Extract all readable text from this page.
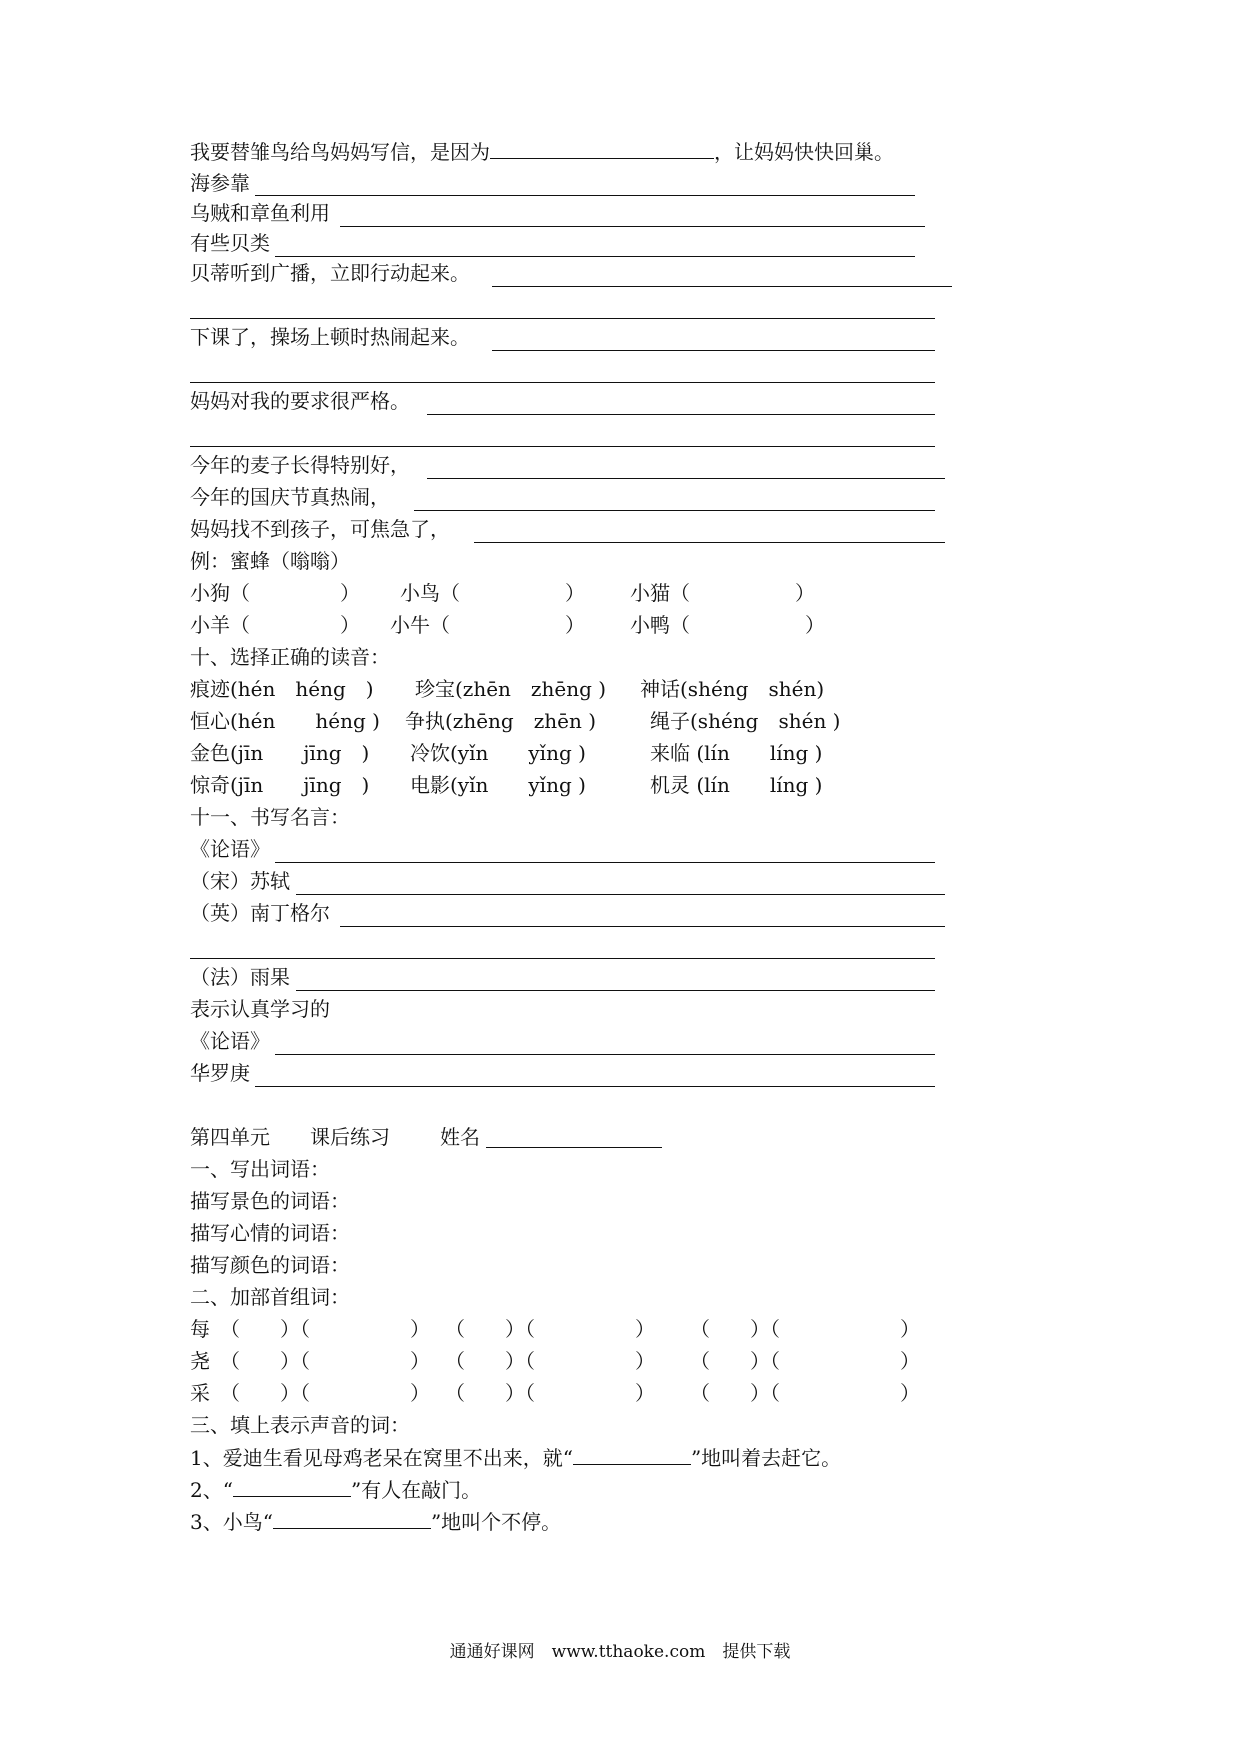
我要替雏鸟给鸟妈妈写信，是因为	，让妈妈快快回巢。
海参靠
乌贼和章鱼利用
有些贝类
贝蒂听到广播，立即行动起来。
下课了，操场上顿时热闹起来。
妈妈对我的要求很严格。
今年的麦子长得特别好，
今年的国庆节真热闹，
妈妈找不到孩子，可焦急了，
例：蜜蜂（嗡嗡）
小狗（	） 小鸟（	） 小猫（	）
小羊（	） 小牛（	） 小鸭（	）
十、选择正确的读音：
痕迹(hén　héng　) 珍宝(zhēn　zhēng ) 神话(shéng　shén)
恒心(hén　　héng ) 争执(zhēng　zhēn )	绳子(shéng　shén )
金色(jīn　　jīng　) 冷饮(yǐn　　yǐng )	来临 (lín　　líng )
惊奇(jīn　　jīng　) 电影(yǐn　　yǐng )	机灵 (lín　　líng )
十一、书写名言：
《论语》
（宋）苏轼
（英）南丁格尔
（法）雨果
表示认真学习的
《论语》
华罗庚
第四单元 课后练习	姓名
一、写出词语：
描写景色的词语：
描写心情的词语：
描写颜色的词语：
二、加部首组词：
每 （　　）（　　　　　） （　　）（　　　　　） （　　）（　　　　　　）
尧 （　　）（　　　　　） （　　）（　　　　　） （　　）（　　　　　　）
采 （　　）（　　　　　） （　　）（　　　　　） （　　）（　　　　　　）
三、填上表示声音的词：
1、爱迪生看见母鸡老呆在窝里不出来，就“	”地叫着去赶它。
2、“	”有人在敲门。
3、小鸟“	”地叫个不停。
通通好课网　www.tthaoke.com　提供下载
